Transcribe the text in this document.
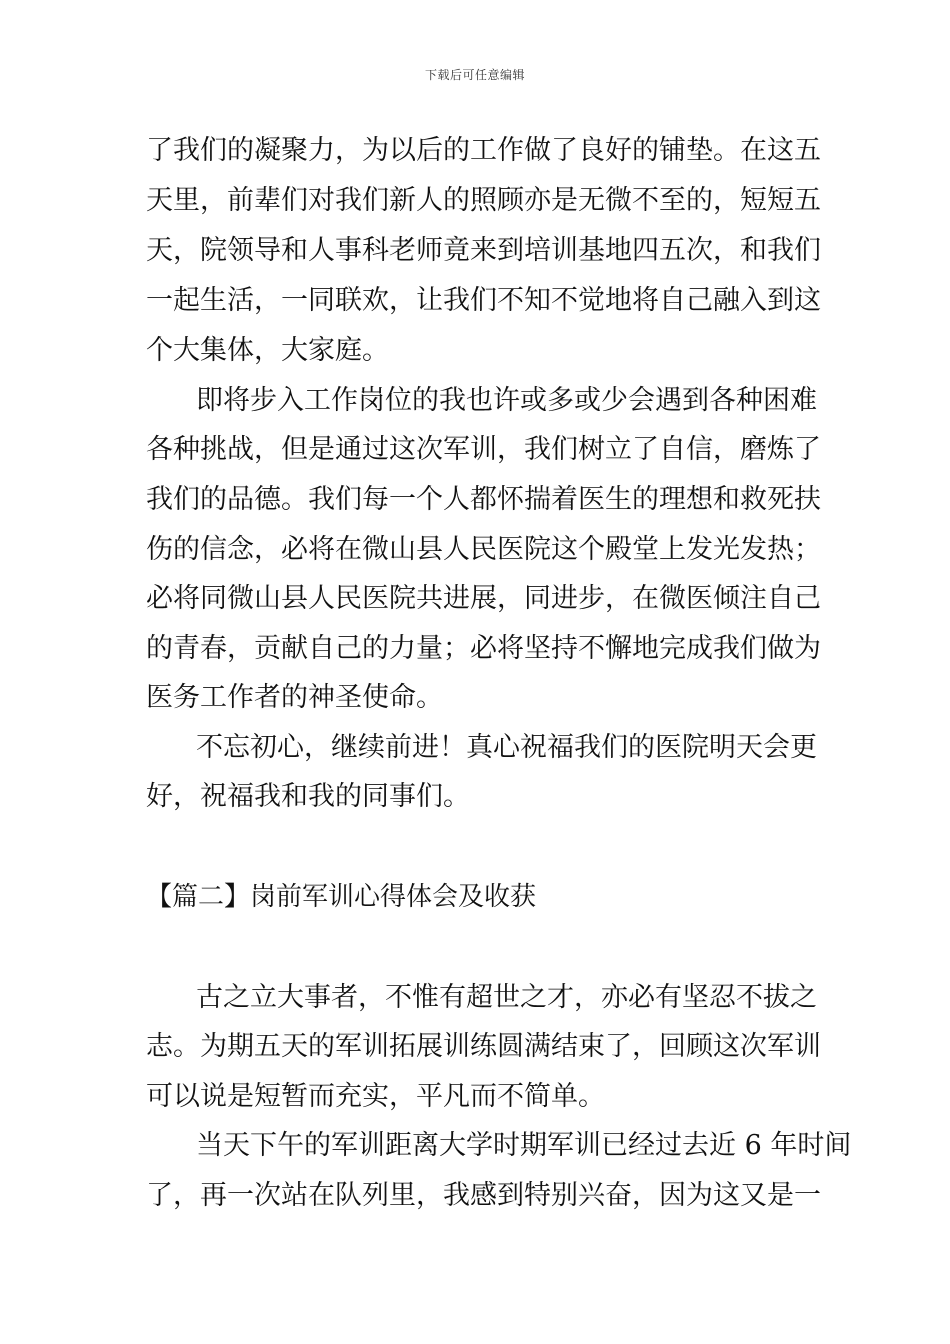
下载后可任意编辑
了我们的凝聚力，为以后的工作做了良好的铺垫。在这五
天里，前辈们对我们新人的照顾亦是无微不至的，短短五
天，院领导和人事科老师竟来到培训基地四五次，和我们
一起生活，一同联欢，让我们不知不觉地将自己融入到这
个大集体，大家庭。
即将步入工作岗位的我也许或多或少会遇到各种困难
各种挑战，但是通过这次军训，我们树立了自信，磨炼了
我们的品德。我们每一个人都怀揣着医生的理想和救死扶
伤的信念，必将在微山县人民医院这个殿堂上发光发热；
必将同微山县人民医院共进展，同进步，在微医倾注自己
的青春，贡献自己的力量；必将坚持不懈地完成我们做为
医务工作者的神圣使命。
不忘初心，继续前进！真心祝福我们的医院明天会更
好，祝福我和我的同事们。
【篇二】岗前军训心得体会及收获
古之立大事者，不惟有超世之才，亦必有坚忍不拔之
志。为期五天的军训拓展训练圆满结束了，回顾这次军训
可以说是短暂而充实，平凡而不简单。
当天下午的军训距离大学时期军训已经过去近 6 年时间
了，再一次站在队列里，我感到特别兴奋，因为这又是一
